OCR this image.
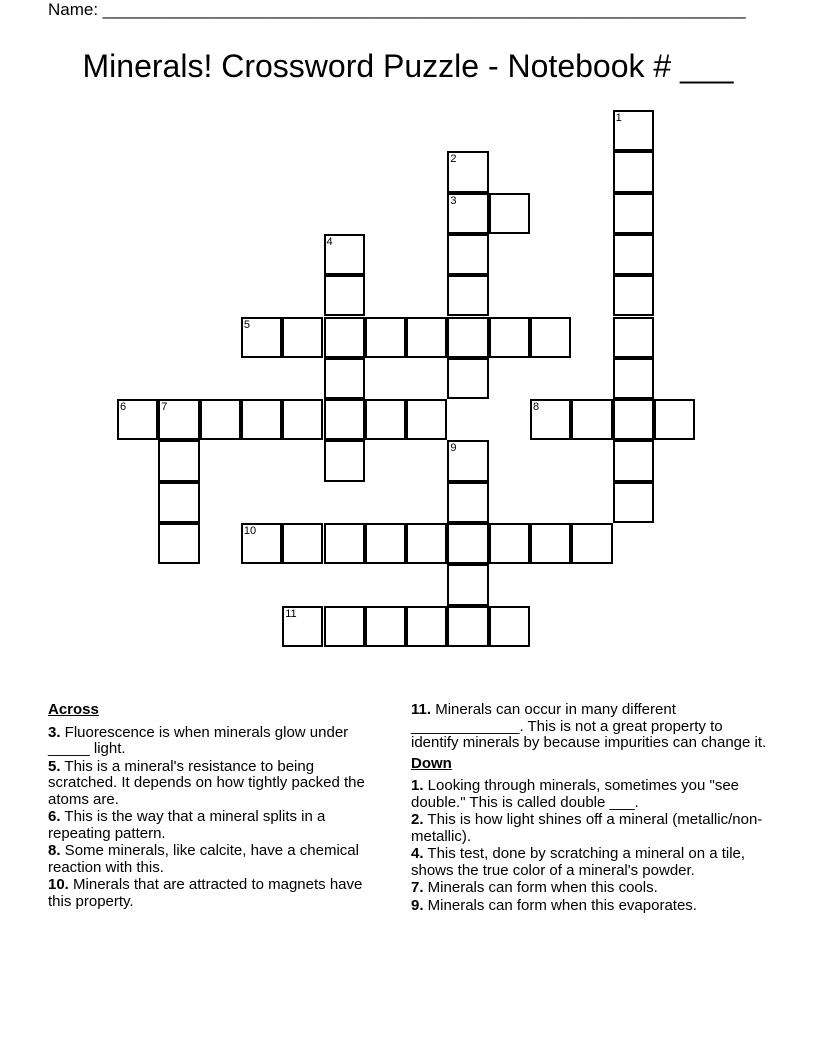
Name: ____________________________________________________________________
Minerals! Crossword Puzzle - Notebook # ___
1
2
3
4
5
6	7	8
9
10
11
Across
3. Fluorescence is when minerals glow under _____ light.
5. This is a mineral's resistance to being scratched. It depends on how tightly packed the atoms are.
6. This is the way that a mineral splits in a repeating pattern.
8. Some minerals, like calcite, have a chemical reaction with this.
10. Minerals that are attracted to magnets have this property.
11. Minerals can occur in many different _____________. This is not a great property to identify minerals by because impurities can change it.
Down
1. Looking through minerals, sometimes you "see double." This is called double ___.
2. This is how light shines off a mineral (metallic/non-metallic).
4. This test, done by scratching a mineral on a tile, shows the true color of a mineral's powder.
7. Minerals can form when this cools.
9. Minerals can form when this evaporates.
